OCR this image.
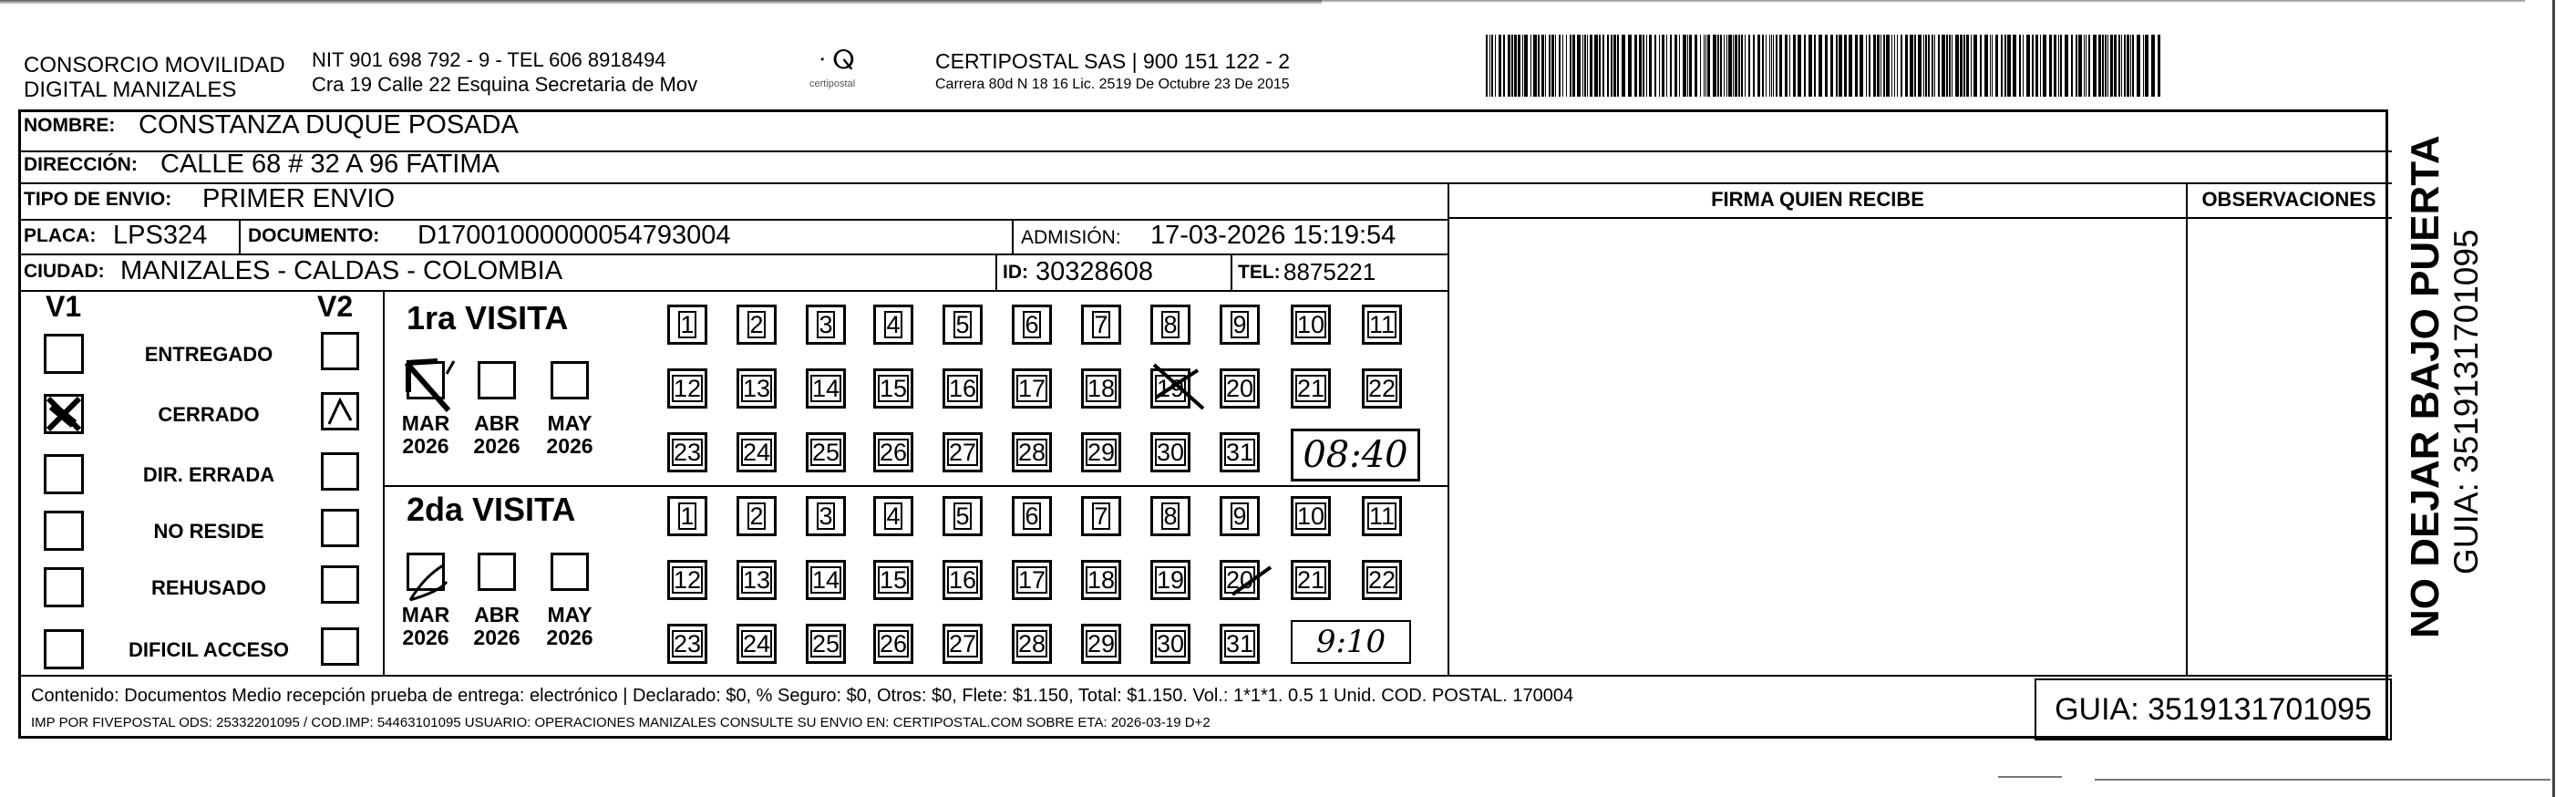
CONSORCIO MOVILIDAD
DIGITAL MANIZALES
NIT 901 698 792 - 9 - TEL 606 8918494
Cra 19 Calle 22 Esquina Secretaria de Mov
ᐧ ⵕ
certipostal
CERTIPOSTAL SAS | 900 151 122 - 2
Carrera 80d N 18 16 Lic. 2519 De Octubre 23 De 2015
NOMBRE: CONSTANZA DUQUE POSADA
DIRECCIÓN: CALLE 68 # 32 A 96 FATIMA
TIPO DE ENVIO: PRIMER ENVIO
PLACA: LPS324 DOCUMENTO: D17001000000054793004	ADMISIÓN: 17-03-2026 15:19:54
CIUDAD: MANIZALES - CALDAS - COLOMBIA	ID: 30328608	TEL: 8875221
FIRMA QUIEN RECIBE	OBSERVACIONES
V1	V2
ENTREGADO
CERRADO
DIR. ERRADA
NO RESIDE
REHUSADO
DIFICIL ACCESO
1ra VISITA
2da VISITA
MAR
2026
ABR
2026
MAY
2026
1	2	3	4	5	6	7	8	9	10 11
12 13 14 15 16 17 18 19 20 21 22
23 24 25 26 27 28 29 30 31
MAR
2026
ABR
2026
MAY
2026
1	2	3	4	5	6	7	8	9	10 11
12 13 14 15 16 17 18 19 20 21 22
23 24 25 26 27 28 29 30 31
08:40
9:10
Contenido: Documentos Medio recepción prueba de entrega: electrónico | Declarado: $0, % Seguro: $0, Otros: $0, Flete: $1.150, Total: $1.150. Vol.: 1*1*1. 0.5 1 Unid. COD. POSTAL. 170004
IMP POR FIVEPOSTAL ODS: 25332201095 / COD.IMP: 54463101095 USUARIO: OPERACIONES MANIZALES CONSULTE SU ENVIO EN: CERTIPOSTAL.COM SOBRE ETA: 2026-03-19 D+2	GUIA: 3519131701095
NO DEJAR BAJO PUERTA GUIA: 3519131701095
